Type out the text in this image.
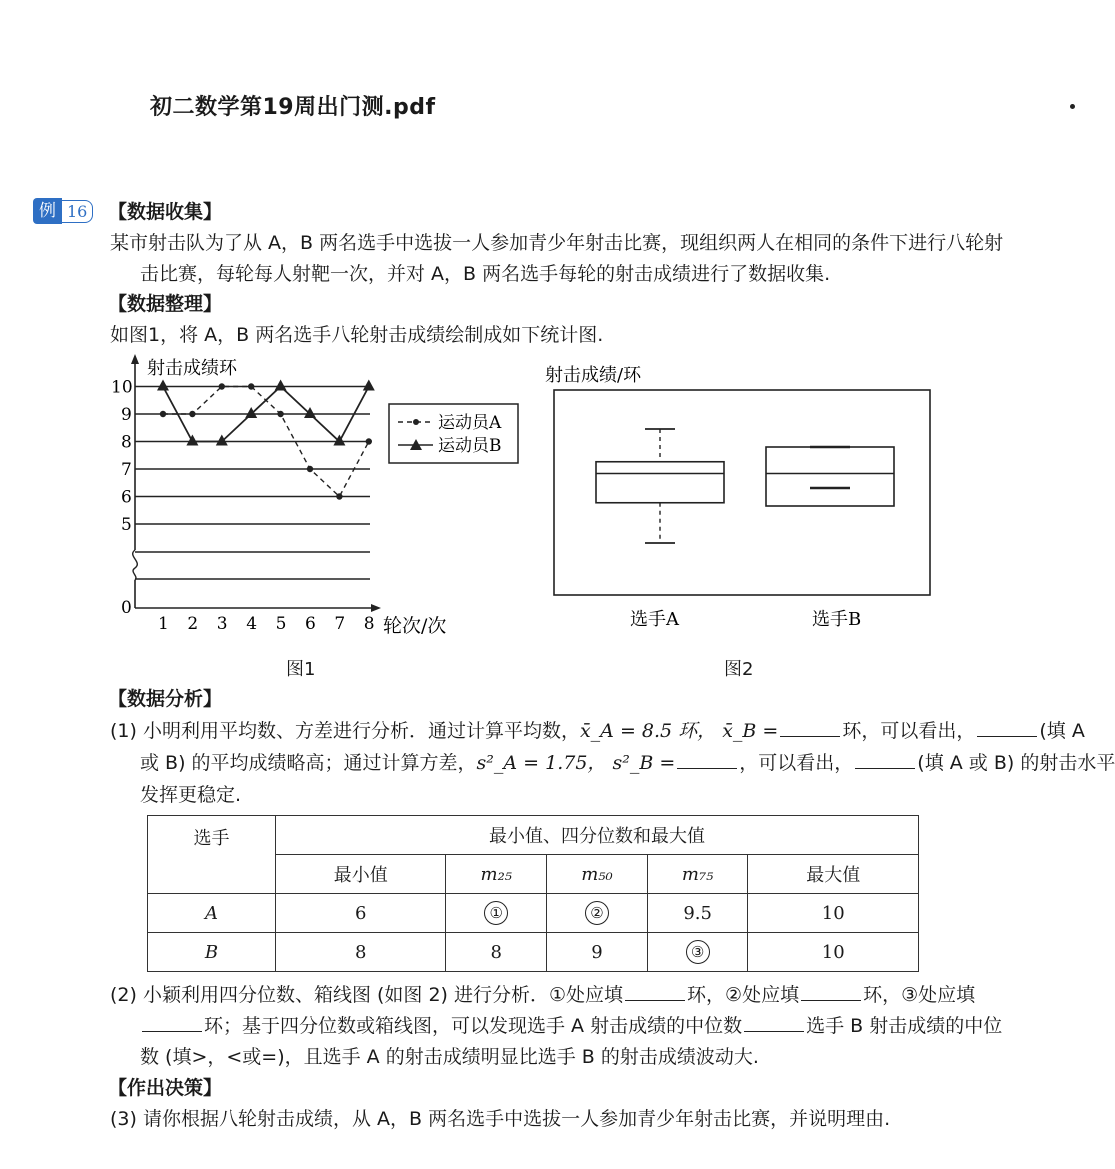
初二数学第19周出门测.pdf
例 16	【数据收集】
某市射击队为了从 A，B 两名选手中选拔一人参加青少年射击比赛，现组织两人在相同的条件下进行八轮射
击比赛，每轮每人射靶一次，并对 A，B 两名选手每轮的射击成绩进行了数据收集.
【数据整理】
如图1，将 A，B 两名选手八轮射击成绩绘制成如下统计图.
0
5
6
7
8
9
10
1 2 3 4 5 6 7 8
射击成绩环
轮次/次
运动员A
运动员B
图1
射击成绩/环
选手A	选手B
图2
【数据分析】
(1) 小明利用平均数、方差进行分析．通过计算平均数，x̄_A = 8.5 环， x̄_B =	环，可以看出，	(填 A
或 B) 的平均成绩略高；通过计算方差，s²_A = 1.75， s²_B =	，可以看出，	(填 A 或 B) 的射击水平
发挥更稳定.
选手	最小值、四分位数和最大值				
	最小值	m₂₅	m₅₀	m₇₅	最大值
A	6	①	②	9.5	10
B	8	8	9	③	10
(2) 小颖利用四分位数、箱线图 (如图 2) 进行分析．①处应填	环，②处应填	环，③处应填
环；基于四分位数或箱线图，可以发现选手 A 射击成绩的中位数	选手 B 射击成绩的中位
数 (填>，<或=)，且选手 A 的射击成绩明显比选手 B 的射击成绩波动大.
【作出决策】
(3) 请你根据八轮射击成绩，从 A，B 两名选手中选拔一人参加青少年射击比赛，并说明理由.
